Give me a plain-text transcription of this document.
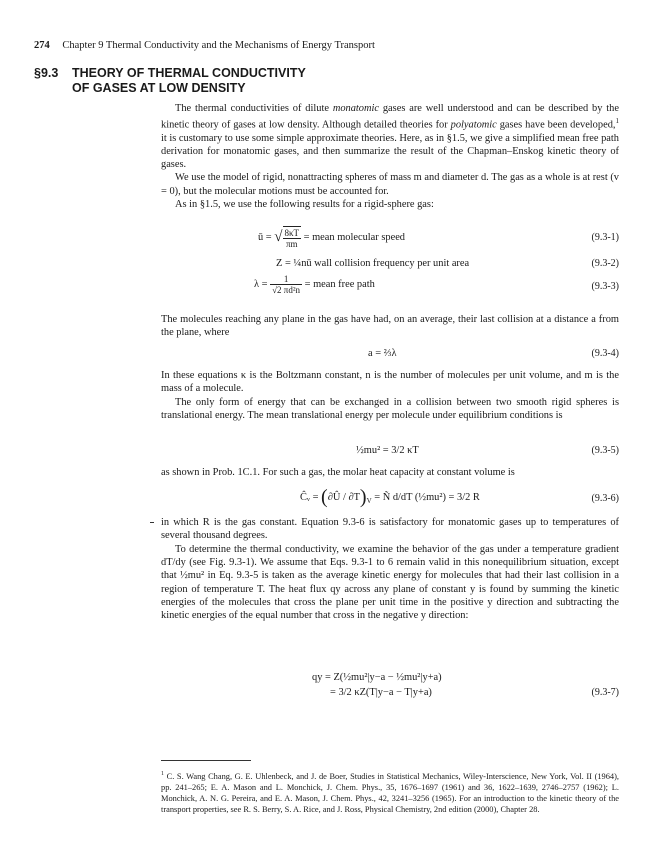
274 Chapter 9 Thermal Conductivity and the Mechanisms of Energy Transport
§9.3 THEORY OF THERMAL CONDUCTIVITY
OF GASES AT LOW DENSITY

The thermal conductivities of dilute monatomic gases are well understood and can be described by the kinetic theory of gases at low density. Although detailed theories for polyatomic gases have been developed,$^1$ it is customary to use some simple approximate theories. Here, as in §1.5, we give a simplified mean free path derivation for monatomic gases, and then summarize the result of the Chapman–Enskog kinetic theory of gases.

We use the model of rigid, nonattracting spheres of mass m and diameter d. The gas as a whole is at rest (v = 0), but the molecular motions must be accounted for.

As in §1.5, we use the following results for a rigid-sphere gas:

ū = √ $\frac{8\kappa T}{\pi m}$ = mean molecular speed	(9.3-1)
Z = ¼nū wall collision frequency per unit area	(9.3-2)
$\lambda = \frac{1}{\text{√2 πd²n}}$ = mean free path	(9.3-3)
The molecules reaching any plane in the gas have had, on an average, their last collision at a distance a from the plane, where
a = ⅔λ	(9.3-4)
In these equations κ is the Boltzmann constant, n is the number of molecules per unit volume, and m is the mass of a molecule.

The only form of energy that can be exchanged in a collision between two smooth rigid spheres is translational energy. The mean translational energy per molecule under equilibrium conditions is

½mu² = 3/2 κT	(9.3-5)
as shown in Prob. 1C.1. For such a gas, the molar heat capacity at constant volume is
Ĉᵥ = (∂Û / $\partial T)_V$ = Ñ d/dT (½mu²) = 3/2 R	(9.3-6)
in which R is the gas constant. Equation 9.3-6 is satisfactory for monatomic gases up to temperatures of several thousand degrees.

To determine the thermal conductivity, we examine the behavior of the gas under a temperature gradient dT/dy (see Fig. 9.3-1). We assume that Eqs. 9.3-1 to 6 remain valid in this nonequilibrium situation, except that ½mu² in Eq. 9.3-5 is taken as the average kinetic energy for molecules that had their last collision in a region of temperature T. The heat flux qy across any plane of constant y is found by summing the kinetic energies of the molecules that cross the plane per unit time in the positive y direction and subtracting the kinetic energies of the equal number that cross in the negative y direction:

qy = Z(½mu²|y−a − ½mu²|y+a)
= 3/2 κZ(T|y−a − T|y+a)	(9.3-7)
$^1$ C. S. Wang Chang, G. E. Uhlenbeck, and J. de Boer, Studies in Statistical Mechanics, Wiley-Interscience, New York, Vol. II (1964), pp. 241–265; E. A. Mason and L. Monchick, J. Chem. Phys., 35, 1676–1697 (1961) and 36, 1622–1639, 2746–2757 (1962); L. Monchick, A. N. G. Pereira, and E. A. Mason, J. Chem. Phys., 42, 3241–3256 (1965). For an introduction to the kinetic theory of the transport properties, see R. S. Berry, S. A. Rice, and J. Ross, Physical Chemistry, 2nd edition (2000), Chapter 28.
